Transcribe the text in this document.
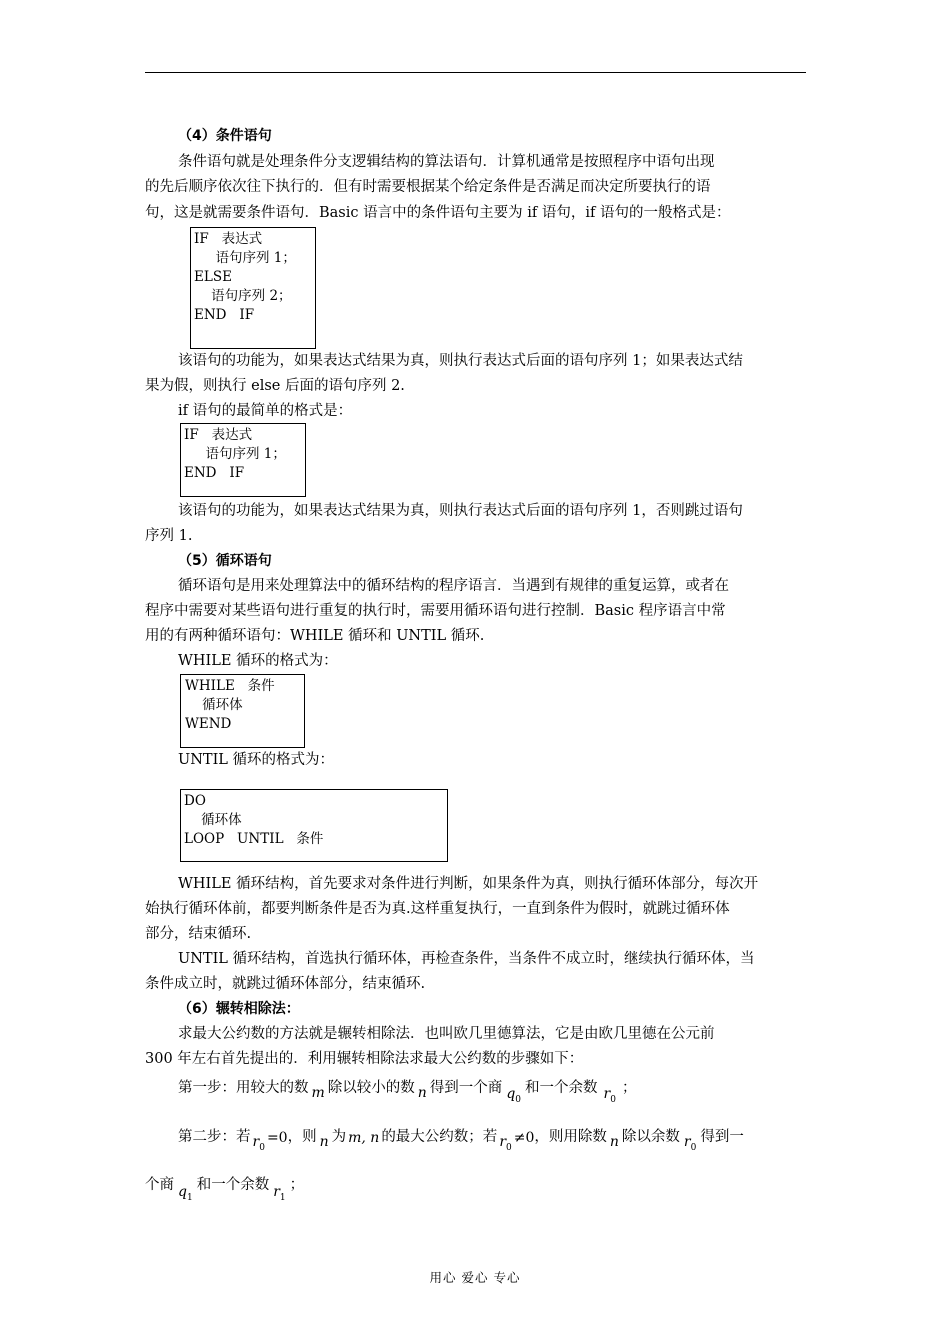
（4）条件语句
条件语句就是处理条件分支逻辑结构的算法语句．计算机通常是按照程序中语句出现
的先后顺序依次往下执行的．但有时需要根据某个给定条件是否满足而决定所要执行的语
句，这是就需要条件语句．Basic 语言中的条件语句主要为 if 语句，if 语句的一般格式是：
IF   表达式
语句序列 1；
ELSE
语句序列 2；
END   IF
该语句的功能为，如果表达式结果为真，则执行表达式后面的语句序列 1；如果表达式结
果为假，则执行 else 后面的语句序列 2.
if 语句的最简单的格式是：
IF   表达式
语句序列 1；
END   IF
该语句的功能为，如果表达式结果为真，则执行表达式后面的语句序列 1，否则跳过语句
序列 1.
（5）循环语句
循环语句是用来处理算法中的循环结构的程序语言．当遇到有规律的重复运算，或者在
程序中需要对某些语句进行重复的执行时，需要用循环语句进行控制．Basic 程序语言中常
用的有两种循环语句：WHILE 循环和 UNTIL 循环.
WHILE 循环的格式为：
WHILE   条件
循环体
WEND
UNTIL 循环的格式为：
DO
循环体
LOOP   UNTIL   条件
WHILE 循环结构，首先要求对条件进行判断，如果条件为真，则执行循环体部分，每次开
始执行循环体前，都要判断条件是否为真.这样重复执行，一直到条件为假时，就跳过循环体
部分，结束循环.
UNTIL 循环结构，首选执行循环体，再检查条件，当条件不成立时，继续执行循环体，当
条件成立时，就跳过循环体部分，结束循环.
（6）辗转相除法：
求最大公约数的方法就是辗转相除法．也叫欧几里德算法，它是由欧几里德在公元前
300 年左右首先提出的．利用辗转相除法求最大公约数的步骤如下：
第一步：用较大的数 m 除以较小的数 n 得到一个商 $q_0$和一个余数 $r_0$；
第二步：若 $r_0=0$，则 n 为 m, n 的最大公约数；若 $r_0\ne 0$，则用除数 n 除以余数 $r_0$得到一
个商 $q_1$和一个余数 $r_1$；
用心 爱心 专心
